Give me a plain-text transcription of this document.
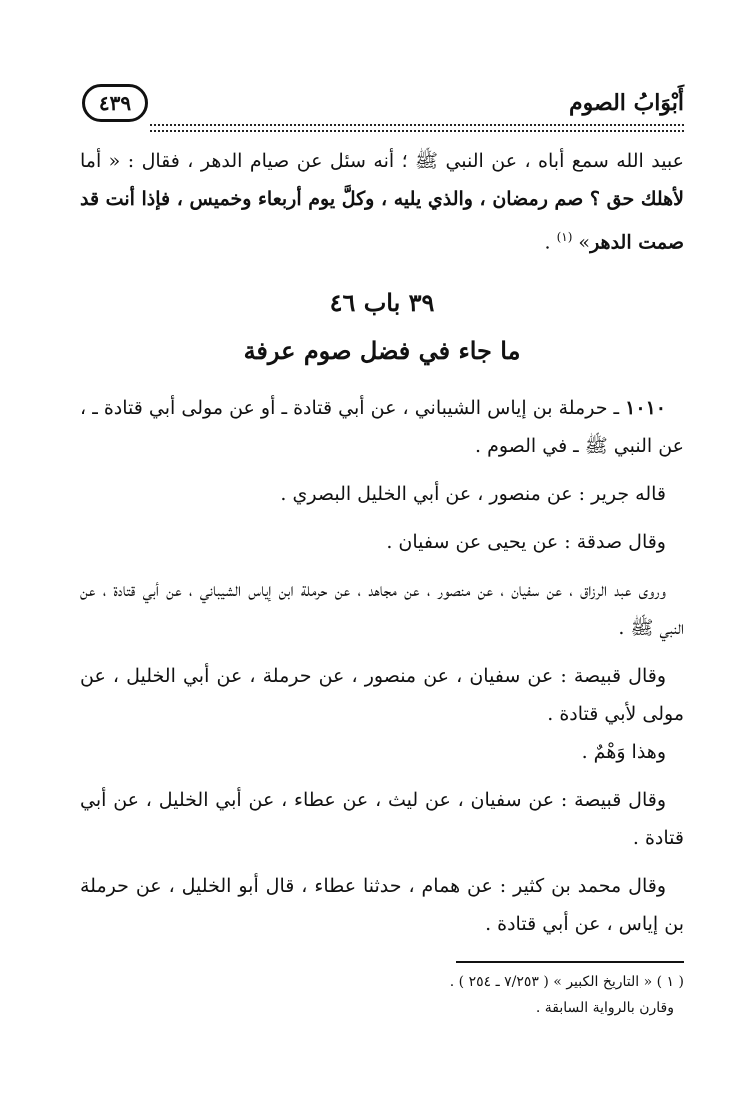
أَبْوَابُ الصوم
٤٣٩

عبيد الله سمع أباه ، عن النبي ﷺ ؛ أنه سئل عن صيام الدهر ، فقال : « أما لأهلك حق ؟ صم رمضان ، والذي يليه ، وكلَّ يوم أربعاء وخميس ، فإذا أنت قد صمت الدهر» $^{(١)}$ .

٣٩ باب ٤٦
ما جاء في فضل صوم عرفة

١٠١٠ ـ حرملة بن إياس الشيباني ، عن أبي قتادة ـ أو عن مولى أبي قتادة ـ ، عن النبي ﷺ ـ في الصوم .

قاله جرير : عن منصور ، عن أبي الخليل البصري .

وقال صدقة : عن يحيى عن سفيان .

وروى عبد الرزاق ، عن سفيان ، عن منصور ، عن مجاهد ، عن حرملة ابن إياس الشيباني ، عن أبي قتادة ، عن النبي ﷺ .

وقال قبيصة : عن سفيان ، عن منصور ، عن حرملة ، عن أبي الخليل ، عن مولى لأبي قتادة .

وهذا وَهْمٌ .

وقال قبيصة : عن سفيان ، عن ليث ، عن عطاء ، عن أبي الخليل ، عن أبي قتادة .

وقال محمد بن كثير : عن همام ، حدثنا عطاء ، قال أبو الخليل ، عن حرملة بن إياس ، عن أبي قتادة .

( ١ ) « التاريخ الكبير » ( ٧/٢٥٣ ـ ٢٥٤ ) .

وقارن بالرواية السابقة .
